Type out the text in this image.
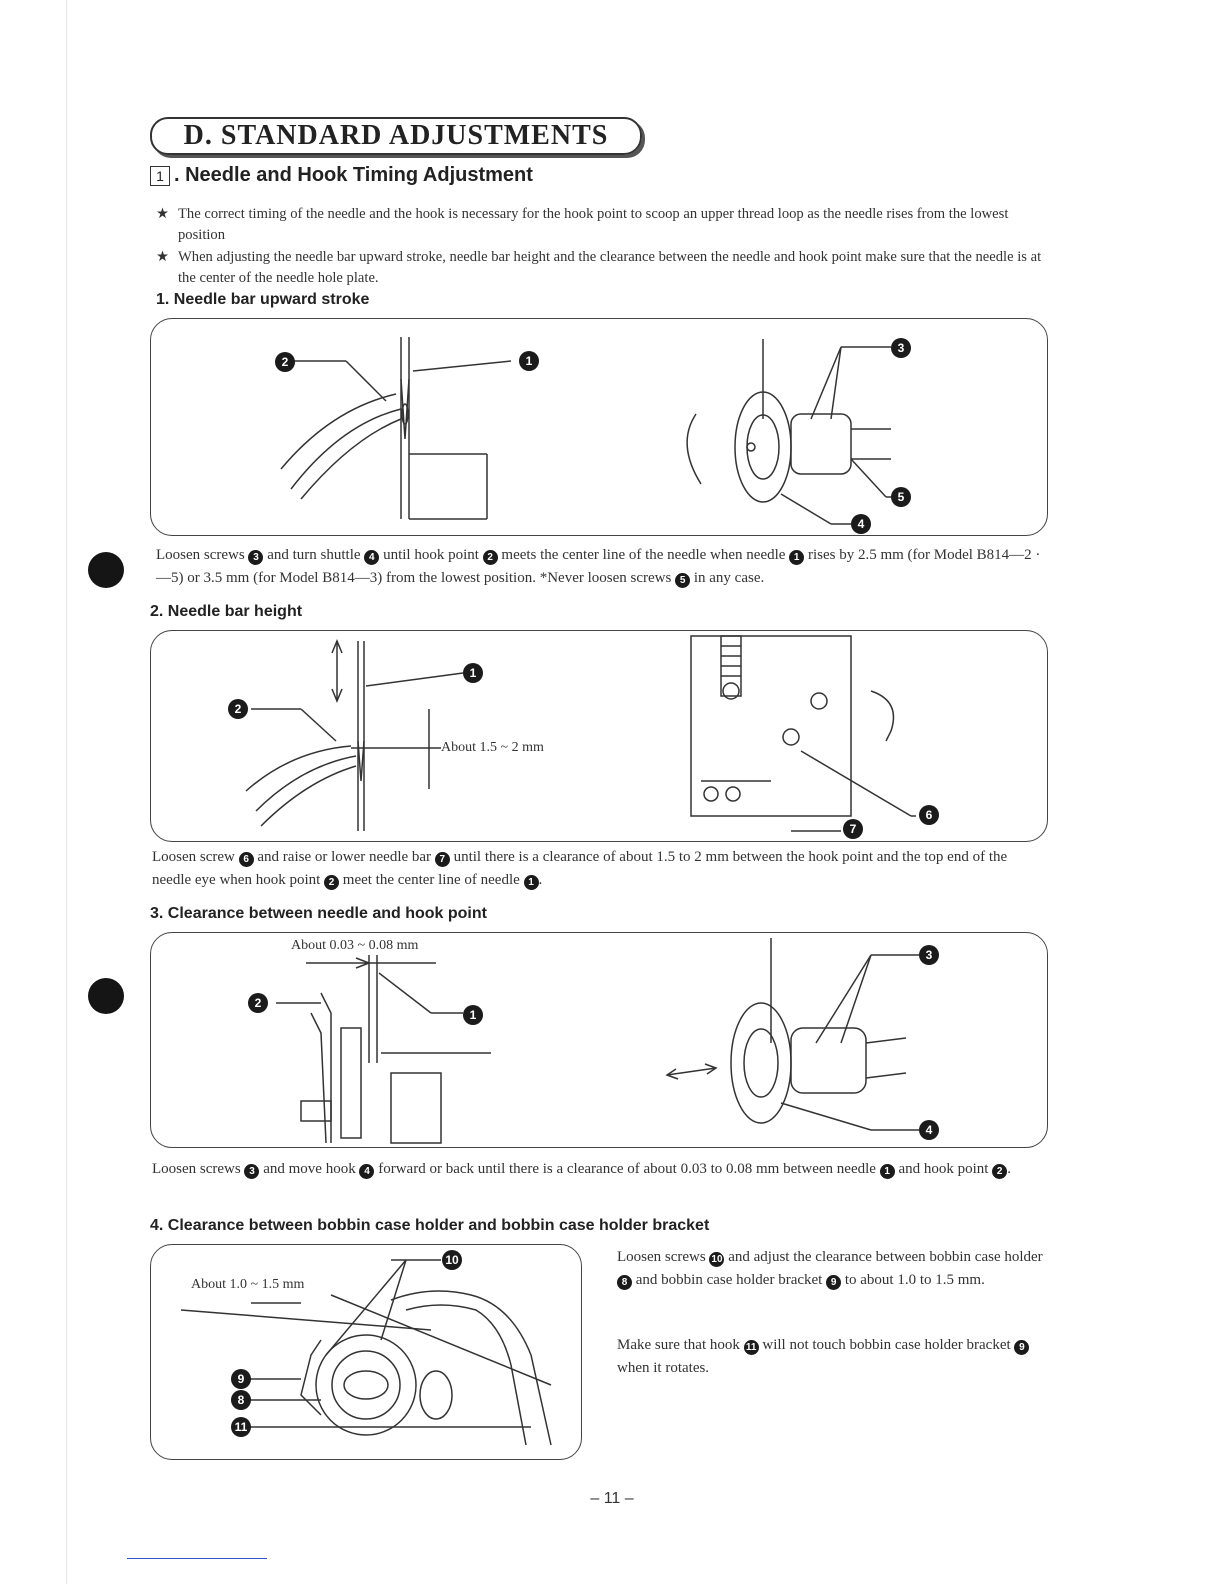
D. STANDARD ADJUSTMENTS
1 . Needle and Hook Timing Adjustment
★ The correct timing of the needle and the hook is necessary for the hook point to scoop an upper thread loop as the needle rises from the lowest position
★ When adjusting the needle bar upward stroke, needle bar height and the clearance between the needle and hook point make sure that the needle is at the center of the needle hole plate.
1. Needle bar upward stroke
2	1
3
5
4
Loosen screws 3 and turn shuttle 4 until hook point 2 meets the center line of the needle when needle 1 rises by 2.5 mm (for Model B814—2 · —5) or 3.5 mm (for Model B814—3) from the lowest position. *Never loosen screws 5 in any case.
2. Needle bar height
2
1
About 1.5 ~ 2 mm
6
7
Loosen screw 6 and raise or lower needle bar 7 until there is a clearance of about 1.5 to 2 mm between the hook point and the top end of the needle eye when hook point 2 meet the center line of needle 1 .
3. Clearance between needle and hook point
About 0.03 ~ 0.08 mm
2
1
3
4
Loosen screws 3 and move hook 4 forward or back until there is a clearance of about 0.03 to 0.08 mm between needle 1 and hook point 2 .
4. Clearance between bobbin case holder and bobbin case holder bracket
About 1.0 ~ 1.5 mm
10
9
8
11
Loosen screws 10 and adjust the clearance between bobbin case holder 8 and bobbin case holder bracket 9 to about 1.0 to 1.5 mm.
Make sure that hook 11 will not touch bobbin case holder bracket 9 when it rotates.
– 11 –
